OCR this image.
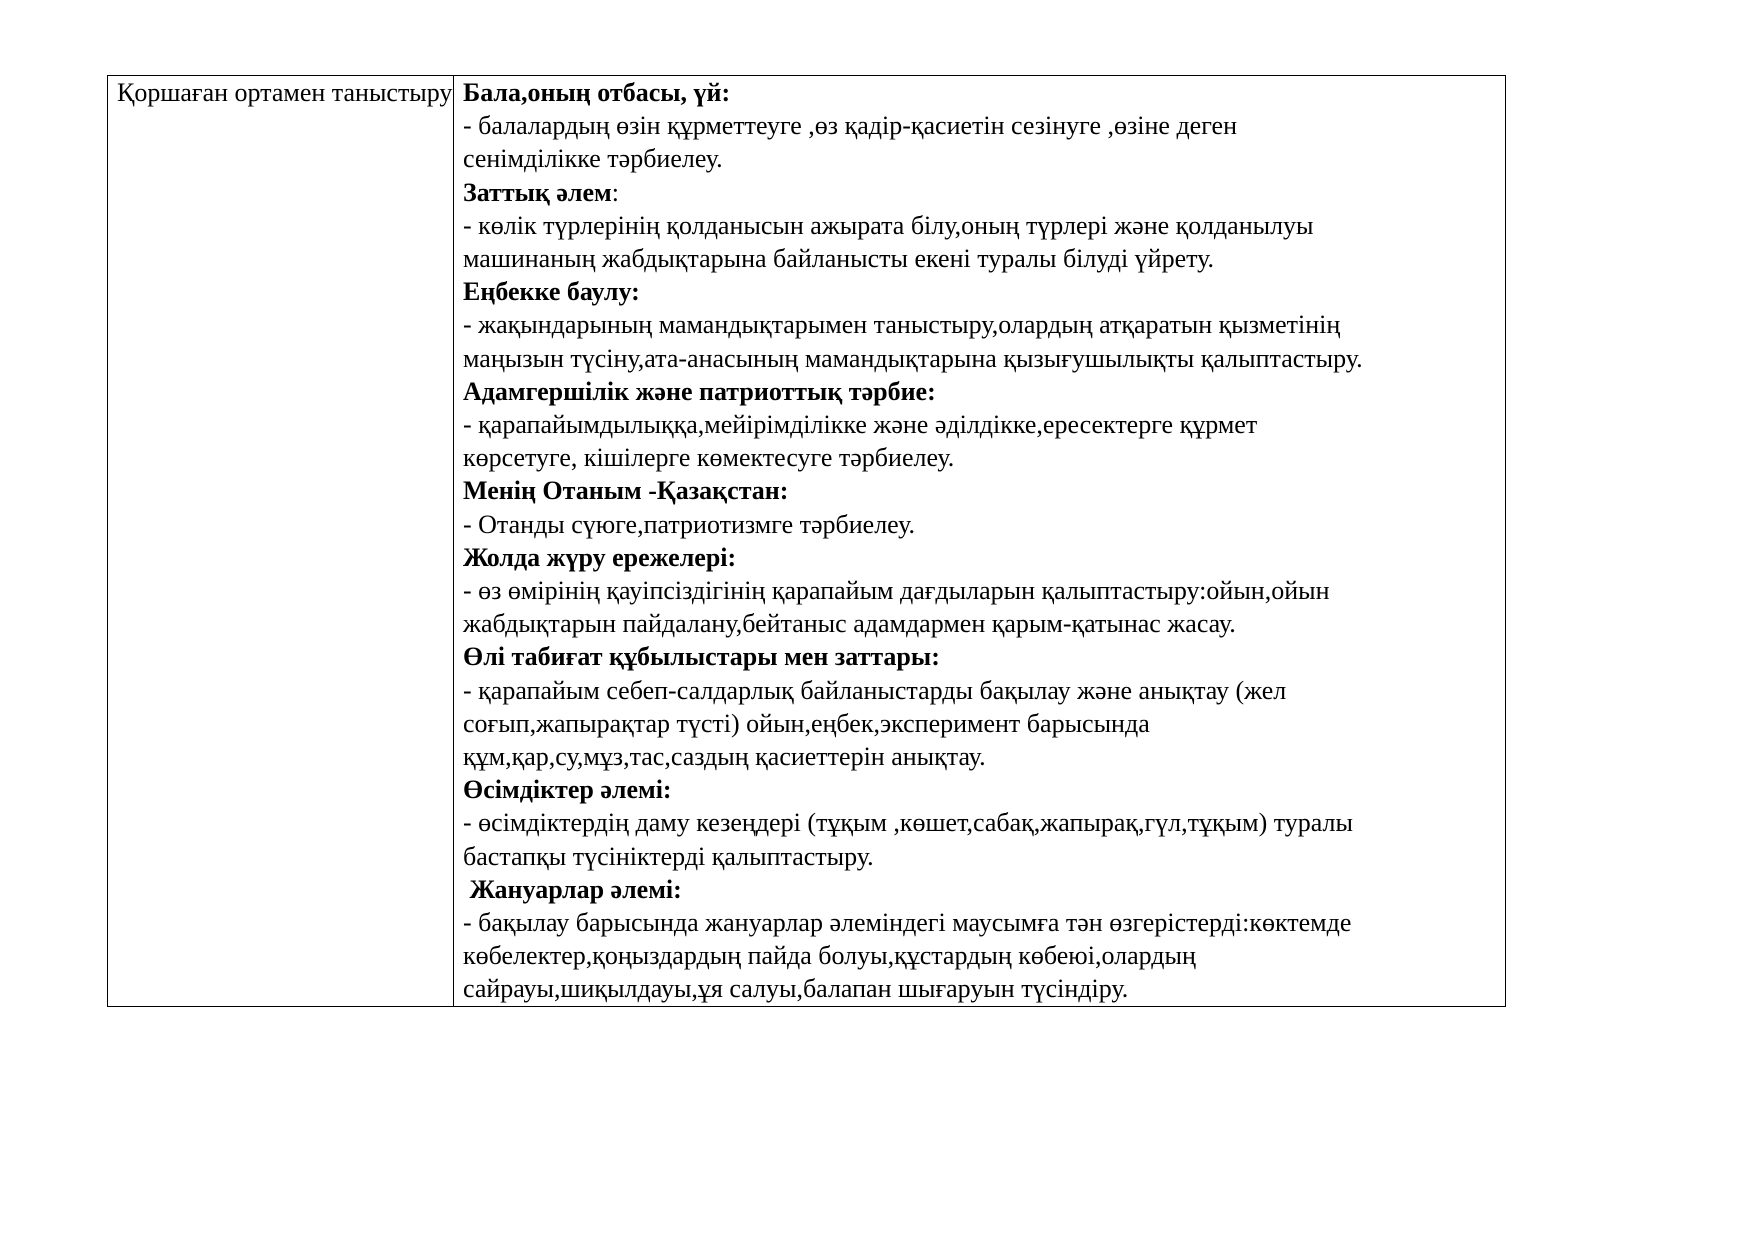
Қоршаған ортамен таныстыру	Бала,оның отбасы, үй:
- балалардың өзін құрметтеуге ,өз қадір-қасиетін сезінуге ,өзіне деген
сенімділікке тәрбиелеу.
Заттық әлем:
- көлік түрлерінің қолданысын ажырата білу,оның түрлері және қолданылуы
машинаның жабдықтарына байланысты екені туралы білуді үйрету.
Еңбекке баулу:
- жақындарының мамандықтарымен таныстыру,олардың атқаратын қызметінің
маңызын түсіну,ата-анасының мамандықтарына қызығушылықты қалыптастыру.
Адамгершілік және патриоттық тәрбие:
- қарапайымдылыққа,мейірімділікке және әділдікке,ересектерге құрмет
көрсетуге, кішілерге көмектесуге тәрбиелеу.
Менің Отаным -Қазақстан:
- Отанды сүюге,патриотизмге тәрбиелеу.
Жолда жүру ережелері:
- өз өмірінің қауіпсіздігінің қарапайым дағдыларын қалыптастыру:ойын,ойын
жабдықтарын пайдалану,бейтаныс адамдармен қарым-қатынас жасау.
Өлі табиғат құбылыстары мен заттары:
- қарапайым себеп-салдарлық байланыстарды бақылау және анықтау (жел
соғып,жапырақтар түсті) ойын,еңбек,эксперимент барысында
құм,қар,су,мұз,тас,саздың қасиеттерін анықтау.
Өсімдіктер әлемі:
- өсімдіктердің даму кезеңдері (тұқым ,көшет,сабақ,жапырақ,гүл,тұқым) туралы
бастапқы түсініктерді қалыптастыру.
Жануарлар әлемі:
- бақылау барысында жануарлар әлеміндегі маусымға тән өзгерістерді:көктемде
көбелектер,қоңыздардың пайда болуы,құстардың көбеюі,олардың
сайрауы,шиқылдауы,ұя салуы,балапан шығаруын түсіндіру.
